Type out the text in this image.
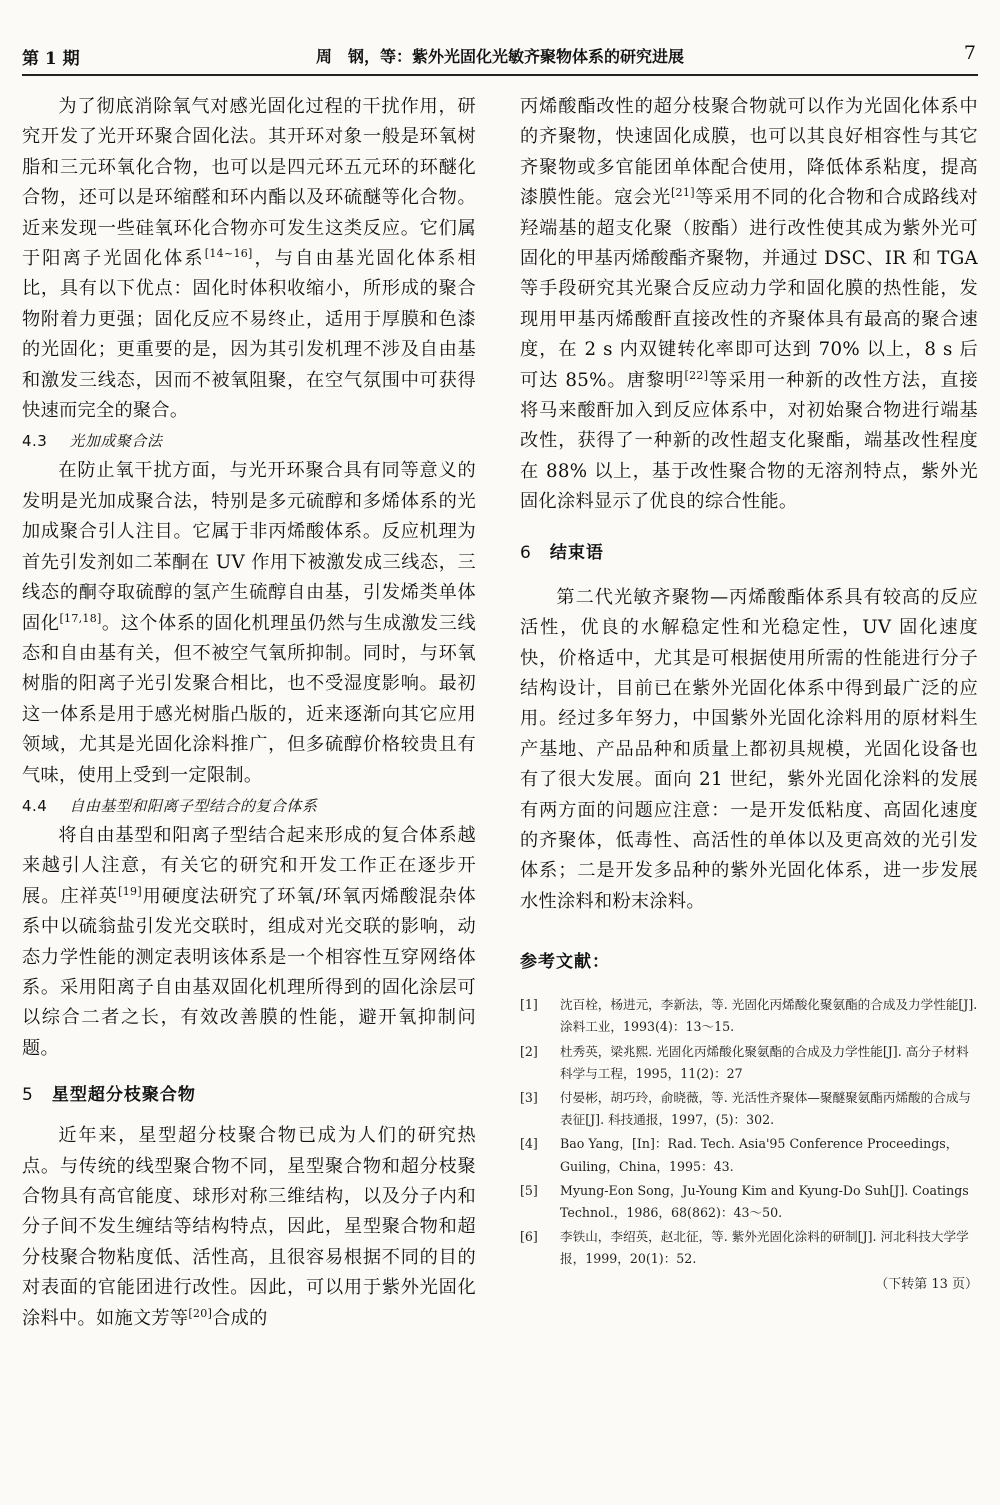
第 1 期	周　钢，等：紫外光固化光敏齐聚物体系的研究进展	7

为了彻底消除氧气对感光固化过程的干扰作用，研究开发了光开环聚合固化法。其开环对象一般是环氧树脂和三元环氧化合物，也可以是四元环五元环的环醚化合物，还可以是环缩醛和环内酯以及环硫醚等化合物。近来发现一些硅氧环化合物亦可发生这类反应。它们属于阳离子光固化体系[14~16]，与自由基光固化体系相比，具有以下优点：固化时体积收缩小，所形成的聚合物附着力更强；固化反应不易终止，适用于厚膜和色漆的光固化；更重要的是，因为其引发机理不涉及自由基和激发三线态，因而不被氧阻聚，在空气氛围中可获得快速而完全的聚合。

4.3 光加成聚合法

在防止氧干扰方面，与光开环聚合具有同等意义的发明是光加成聚合法，特别是多元硫醇和多烯体系的光加成聚合引人注目。它属于非丙烯酸体系。反应机理为首先引发剂如二苯酮在 UV 作用下被激发成三线态，三线态的酮夺取硫醇的氢产生硫醇自由基，引发烯类单体固化[17,18]。这个体系的固化机理虽仍然与生成激发三线态和自由基有关，但不被空气氧所抑制。同时，与环氧树脂的阳离子光引发聚合相比，也不受湿度影响。最初这一体系是用于感光树脂凸版的，近来逐渐向其它应用领域，尤其是光固化涂料推广，但多硫醇价格较贵且有气味，使用上受到一定限制。

4.4 自由基型和阳离子型结合的复合体系

将自由基型和阳离子型结合起来形成的复合体系越来越引人注意，有关它的研究和开发工作正在逐步开展。庄祥英[19]用硬度法研究了环氧/环氧丙烯酸混杂体系中以硫翁盐引发光交联时，组成对光交联的影响，动态力学性能的测定表明该体系是一个相容性互穿网络体系。采用阳离子自由基双固化机理所得到的固化涂层可以综合二者之长，有效改善膜的性能，避开氧抑制问题。

5 星型超分枝聚合物

近年来，星型超分枝聚合物已成为人们的研究热点。与传统的线型聚合物不同，星型聚合物和超分枝聚合物具有高官能度、球形对称三维结构，以及分子内和分子间不发生缠结等结构特点，因此，星型聚合物和超分枝聚合物粘度低、活性高，且很容易根据不同的目的对表面的官能团进行改性。因此，可以用于紫外光固化涂料中。如施文芳等[20]合成的

丙烯酸酯改性的超分枝聚合物就可以作为光固化体系中的齐聚物，快速固化成膜，也可以其良好相容性与其它齐聚物或多官能团单体配合使用，降低体系粘度，提高漆膜性能。寇会光[21]等采用不同的化合物和合成路线对羟端基的超支化聚（胺酯）进行改性使其成为紫外光可固化的甲基丙烯酸酯齐聚物，并通过 DSC、IR 和 TGA 等手段研究其光聚合反应动力学和固化膜的热性能，发现用甲基丙烯酸酐直接改性的齐聚体具有最高的聚合速度，在 2 s 内双键转化率即可达到 70% 以上，8 s 后可达 85%。唐黎明[22]等采用一种新的改性方法，直接将马来酸酐加入到反应体系中，对初始聚合物进行端基改性，获得了一种新的改性超支化聚酯，端基改性程度在 88% 以上，基于改性聚合物的无溶剂特点，紫外光固化涂料显示了优良的综合性能。

6 结束语

第二代光敏齐聚物—丙烯酸酯体系具有较高的反应活性，优良的水解稳定性和光稳定性，UV 固化速度快，价格适中，尤其是可根据使用所需的性能进行分子结构设计，目前已在紫外光固化体系中得到最广泛的应用。经过多年努力，中国紫外光固化涂料用的原材料生产基地、产品品种和质量上都初具规模，光固化设备也有了很大发展。面向 21 世纪，紫外光固化涂料的发展有两方面的问题应注意：一是开发低粘度、高固化速度的齐聚体，低毒性、高活性的单体以及更高效的光引发体系；二是开发多品种的紫外光固化体系，进一步发展水性涂料和粉末涂料。

参考文献：

[1] 沈百栓，杨进元，李新法，等. 光固化丙烯酸化聚氨酯的合成及力学性能[J]. 涂料工业，1993(4)：13～15.

[2] 杜秀英，梁兆熙. 光固化丙烯酸化聚氨酯的合成及力学性能[J]. 高分子材料科学与工程，1995，11(2)：27

[3] 付晏彬，胡巧玲，俞晓薇，等. 光活性齐聚体—聚醚聚氨酯丙烯酸的合成与表征[J]. 科技通报，1997，(5)：302.

[4] Bao Yang，[In]：Rad. Tech. Asia'95 Conference Proceedings，Guiling，China，1995：43.

[5] Myung-Eon Song，Ju-Young Kim and Kyung-Do Suh[J]. Coatings Technol.，1986，68(862)：43～50.

[6] 李铁山，李绍英，赵北征，等. 紫外光固化涂料的研制[J]. 河北科技大学学报，1999，20(1)：52.

（下转第 13 页）
